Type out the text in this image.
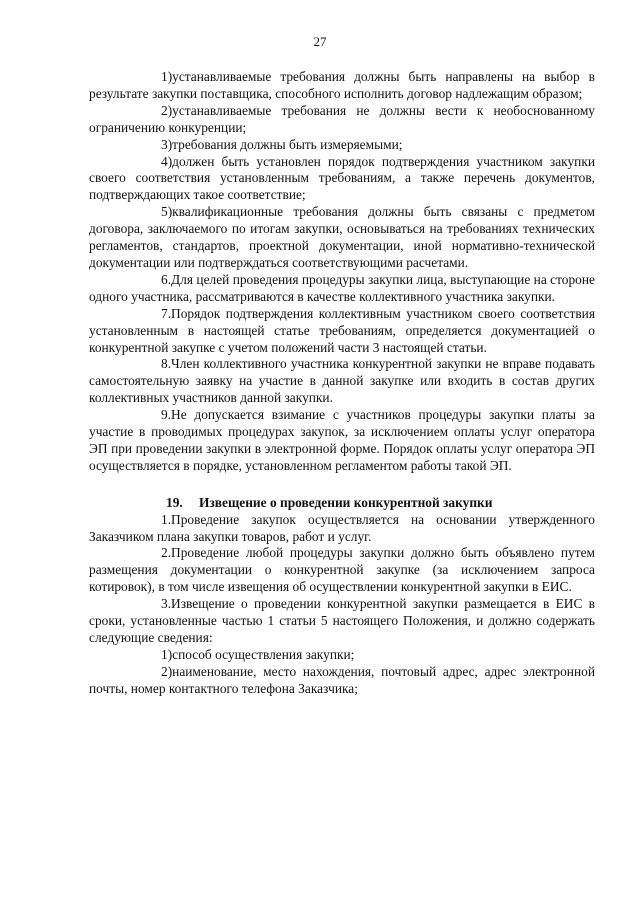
27

1)устанавливаемые требования должны быть направлены на выбор в результате закупки поставщика, способного исполнить договор надлежащим образом;

2)устанавливаемые требования не должны вести к необоснованному ограничению конкуренции;

3)требования должны быть измеряемыми;

4)должен быть установлен порядок подтверждения участником закупки своего соответствия установленным требованиям, а также перечень документов, подтверждающих такое соответствие;

5)квалификационные требования должны быть связаны с предметом договора, заключаемого по итогам закупки, основываться на требованиях технических регламентов, стандартов, проектной документации, иной нормативно-технической документации или подтверждаться соответствующими расчетами.

6.Для целей проведения процедуры закупки лица, выступающие на стороне одного участника, рассматриваются в качестве коллективного участника закупки.

7.Порядок подтверждения коллективным участником своего соответствия установленным в настоящей статье требованиям, определяется документацией о конкурентной закупке с учетом положений части 3 настоящей статьи.

8.Член коллективного участника конкурентной закупки не вправе подавать самостоятельную заявку на участие в данной закупке или входить в состав других коллективных участников данной закупки.

9.Не допускается взимание с участников процедуры закупки платы за участие в проводимых процедурах закупок, за исключением оплаты услуг оператора ЭП при проведении закупки в электронной форме. Порядок оплаты услуг оператора ЭП осуществляется в порядке, установленном регламентом работы такой ЭП.

19. Извещение о проведении конкурентной закупки

1.Проведение закупок осуществляется на основании утвержденного Заказчиком плана закупки товаров, работ и услуг.

2.Проведение любой процедуры закупки должно быть объявлено путем размещения документации о конкурентной закупке (за исключением запроса котировок), в том числе извещения об осуществлении конкурентной закупки в ЕИС.

3.Извещение о проведении конкурентной закупки размещается в ЕИС в сроки, установленные частью 1 статьи 5 настоящего Положения, и должно содержать следующие сведения:

1)способ осуществления закупки;

2)наименование, место нахождения, почтовый адрес, адрес электронной почты, номер контактного телефона Заказчика;
